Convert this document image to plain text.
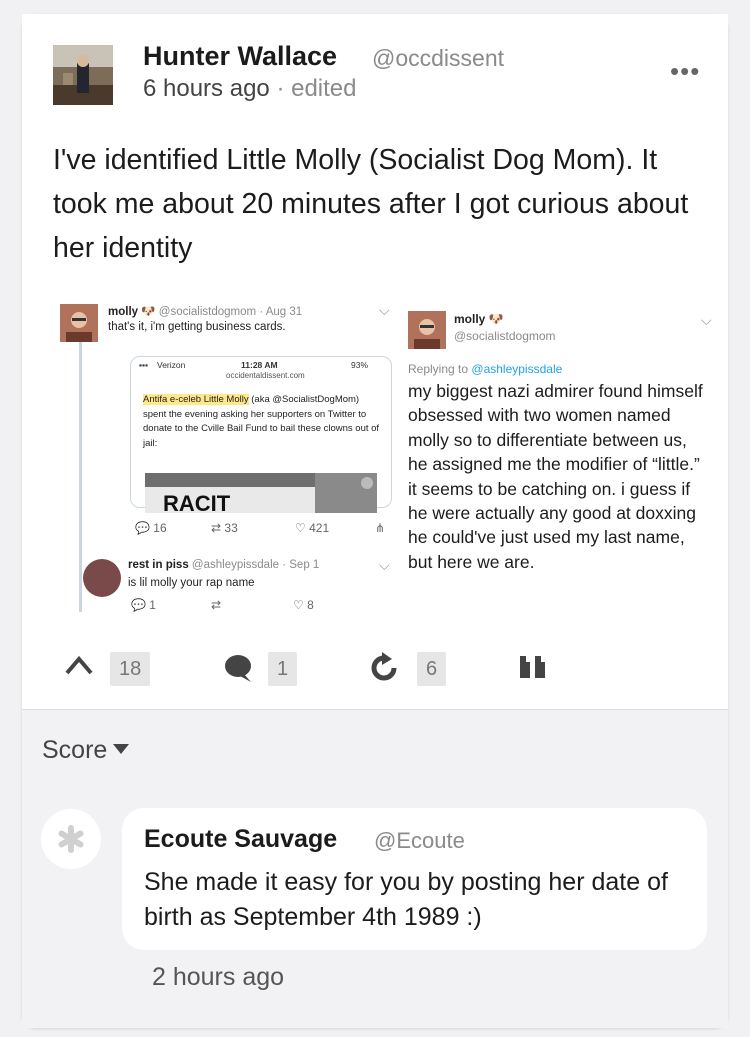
Hunter Wallace @occdissent
6 hours ago · edited
•••
I've identified Little Molly (Socialist Dog Mom). It took me about 20 minutes after I got curious about her identity
molly 🐶 @socialistdogmom · Aug 31	⌵
that's it, i'm getting business cards.
▪▪▪ Verizon	11:28 AM	93%
occidentaldissent.com
Antifa e-celeb Little Molly (aka @SocialistDogMom) spent the evening asking her supporters on Twitter to donate to the Cville Bail Fund to bail these clowns out of jail:
RACIT
💬 16	⇄ 33	♡ 421	⋔
rest in piss @ashleypissdale · Sep 1	⌵
is lil molly your rap name
💬 1	⇄	♡ 8
molly 🐶
@socialistdogmom
⌵
Replying to @ashleypissdale
my biggest nazi admirer found himself obsessed with two women named molly so to differentiate between us, he assigned me the modifier of “little.” it seems to be catching on. i guess if he were actually any good at doxxing he could've just used my last name, but here we are.
18	1	6
Score
Ecoute Sauvage @Ecoute
She made it easy for you by posting her date of birth as September 4th 1989 :)
2 hours ago
